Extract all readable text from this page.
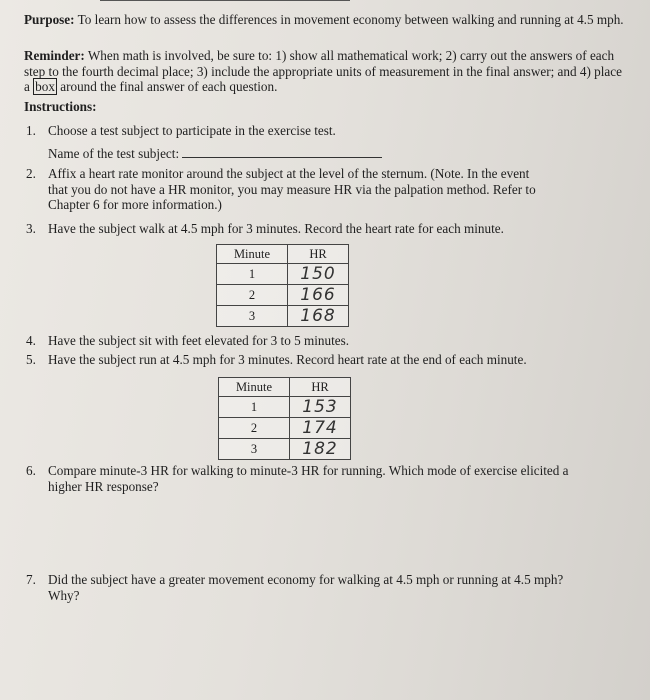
Purpose: To learn how to assess the differences in movement economy between walking and running at 4.5 mph.
Reminder: When math is involved, be sure to: 1) show all mathematical work; 2) carry out the answers of each step to the fourth decimal place; 3) include the appropriate units of measurement in the final answer; and 4) place a box around the final answer of each question.
Instructions:
1. Choose a test subject to participate in the exercise test.
Name of the test subject:
2. Affix a heart rate monitor around the subject at the level of the sternum. (Note. In the event that you do not have a HR monitor, you may measure HR via the palpation method. Refer to Chapter 6 for more information.)
3. Have the subject walk at 4.5 mph for 3 minutes. Record the heart rate for each minute.
Minute	HR
1	150
2	166
3	168
4. Have the subject sit with feet elevated for 3 to 5 minutes.
5. Have the subject run at 4.5 mph for 3 minutes. Record heart rate at the end of each minute.
Minute	HR
1	153
2	174
3	182
6. Compare minute-3 HR for walking to minute-3 HR for running. Which mode of exercise elicited a higher HR response?
7. Did the subject have a greater movement economy for walking at 4.5 mph or running at 4.5 mph? Why?
